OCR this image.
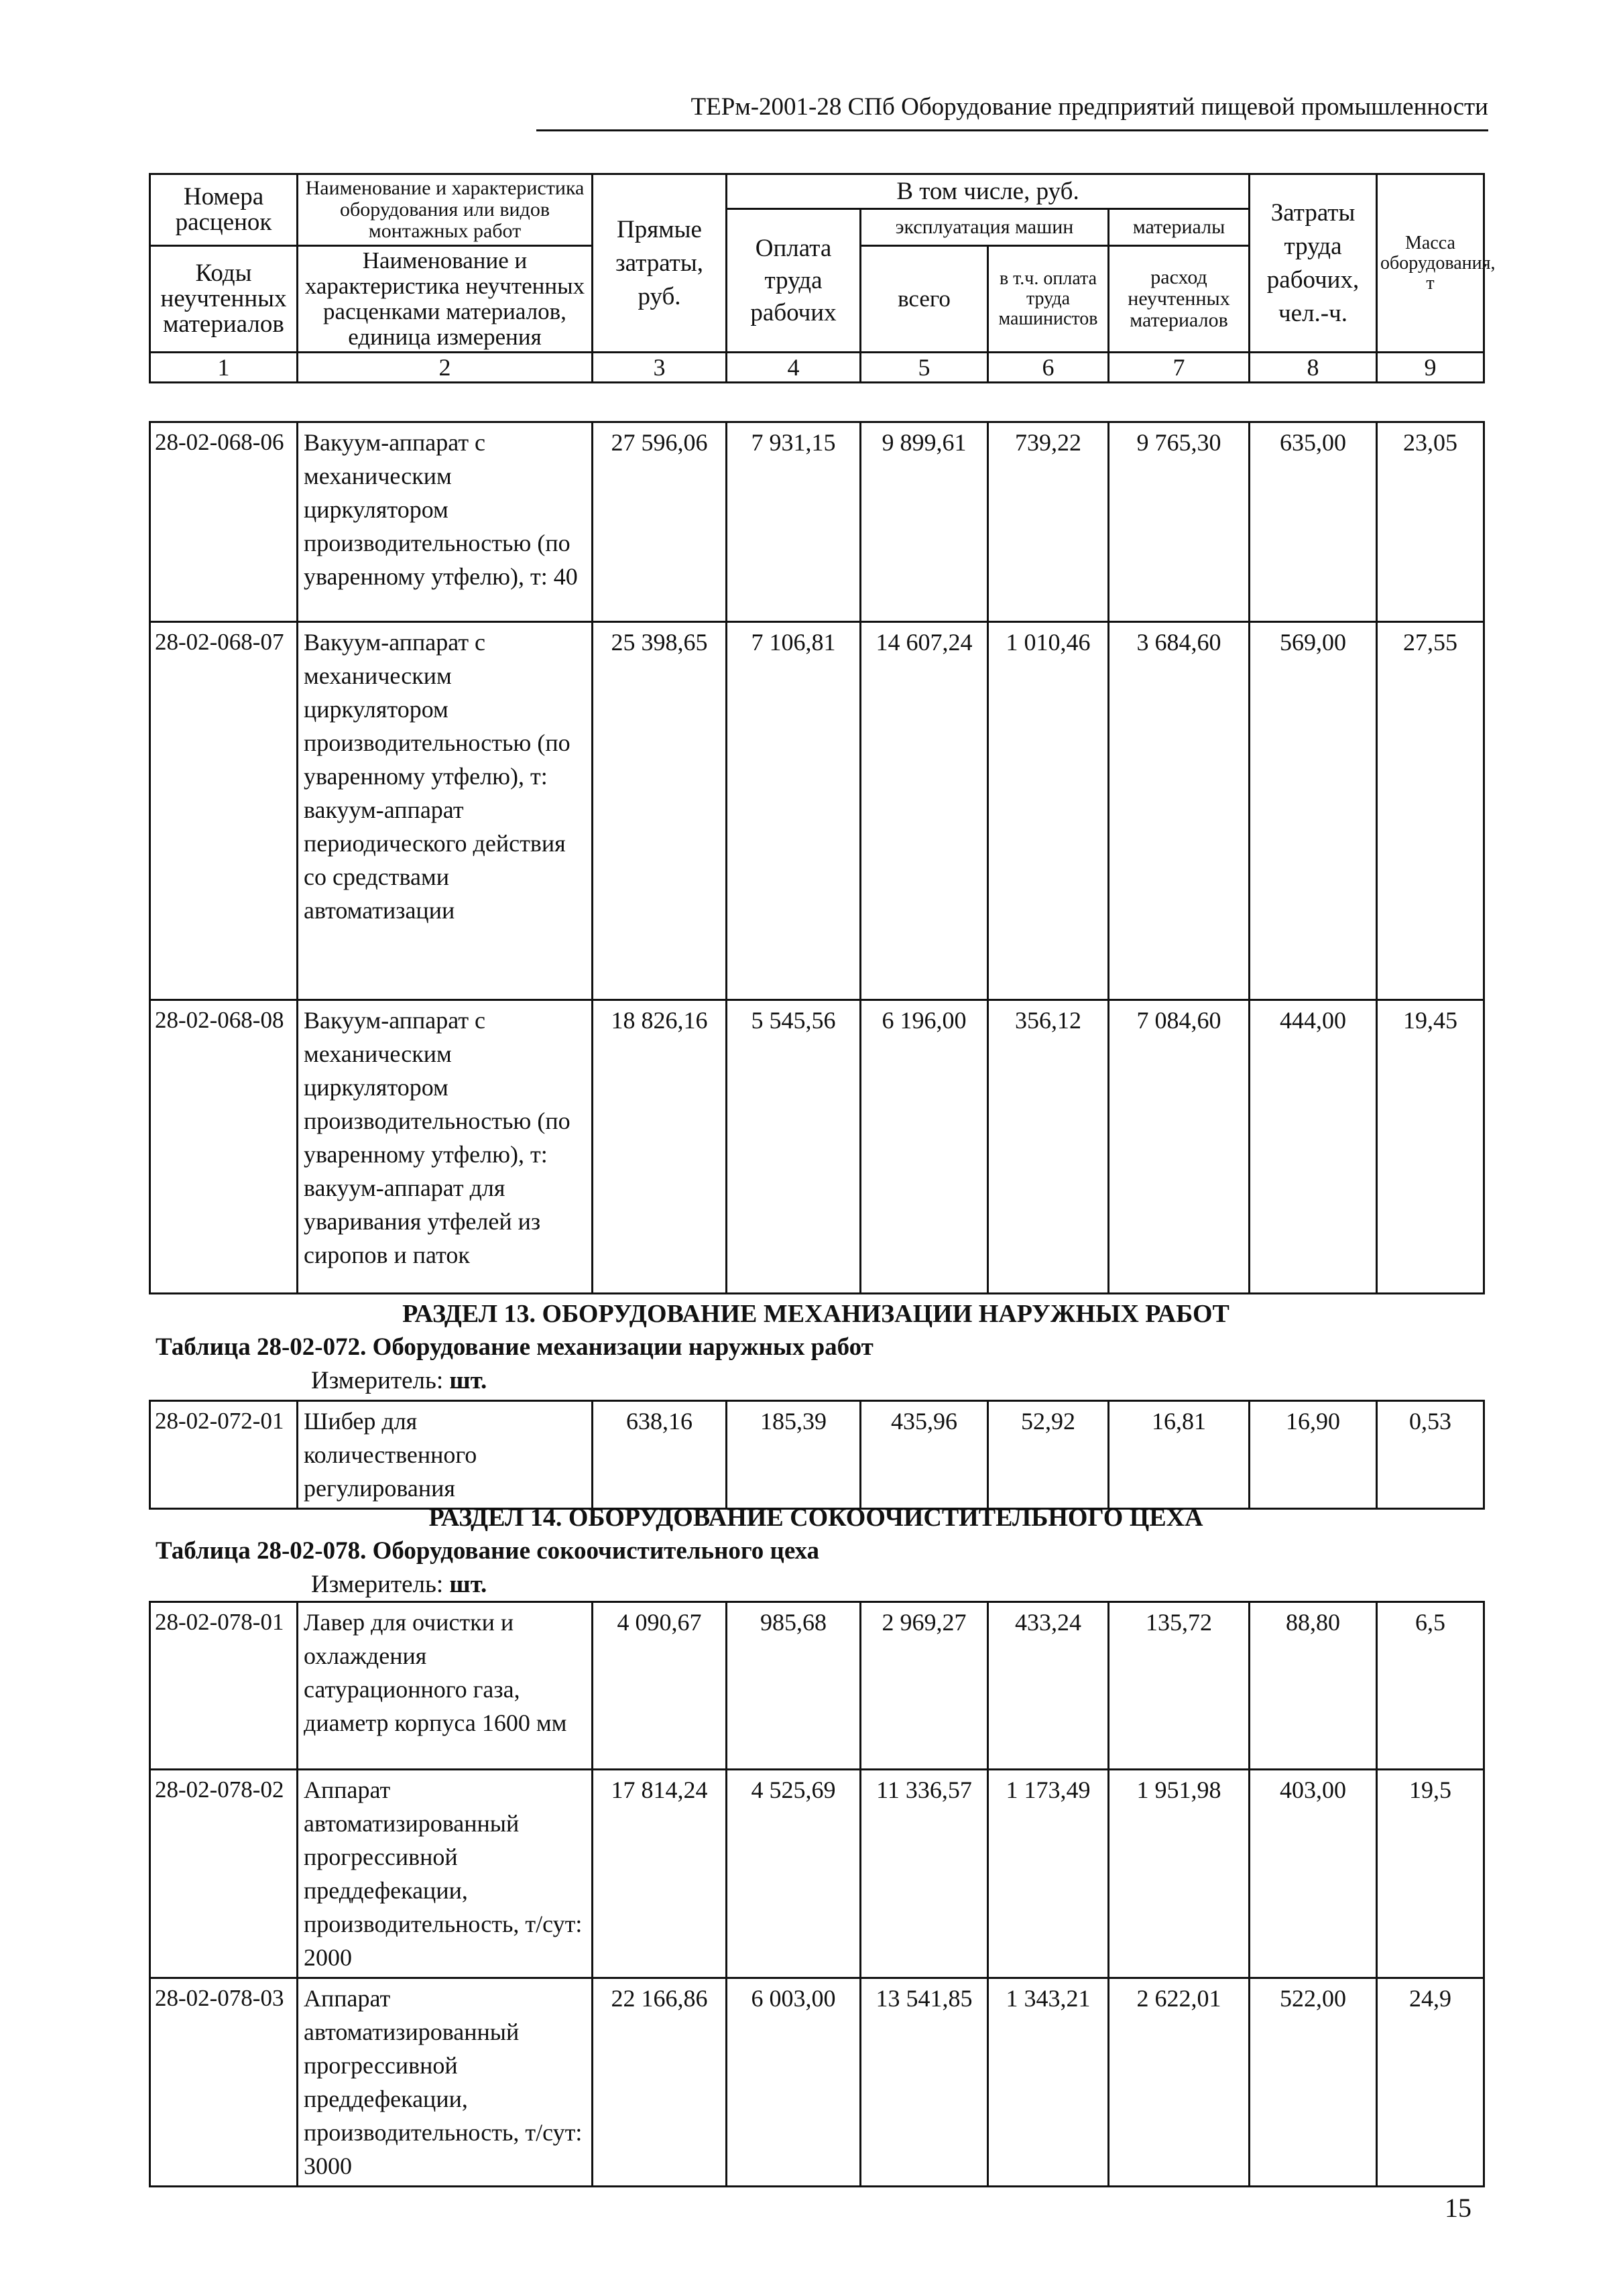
ТЕРм-2001-28 СПб Оборудование предприятий пищевой промышленности
Номера расценок	Наименование и характеристика оборудования или видов монтажных работ	Прямые затраты, руб.	В том числе, руб.				Затраты труда рабочих, чел.-ч.	Масса оборудования, т
			Оплата труда рабочих	эксплуатация машин		материалы		

Коды неучтенных материалов	Наименование и характеристика неучтенных расценками материалов, единица измерения			всего	в т.ч. оплата труда машинистов	расход неучтенных материалов		

1	2	3	4	5	6	7	8	9
28-02-068-06	Вакуум-аппарат с механическим циркулятором производительностью (по уваренному утфелю), т: 40	27 596,06	7 931,15	9 899,61	739,22	9 765,30	635,00	23,05
28-02-068-07	Вакуум-аппарат с механическим циркулятором производительностью (по уваренному утфелю), т: вакуум-аппарат периодического действия со средствами автоматизации	25 398,65	7 106,81	14 607,24	1 010,46	3 684,60	569,00	27,55
28-02-068-08	Вакуум-аппарат с механическим циркулятором производительностью (по уваренному утфелю), т: вакуум-аппарат для уваривания утфелей из сиропов и паток	18 826,16	5 545,56	6 196,00	356,12	7 084,60	444,00	19,45
РАЗДЕЛ 13. ОБОРУДОВАНИЕ МЕХАНИЗАЦИИ НАРУЖНЫХ РАБОТ
Таблица 28-02-072. Оборудование механизации наружных работ
Измеритель: шт.
28-02-072-01	Шибер для количественного регулирования	638,16	185,39	435,96	52,92	16,81	16,90	0,53
РАЗДЕЛ 14. ОБОРУДОВАНИЕ СОКООЧИСТИТЕЛЬНОГО ЦЕХА
Таблица 28-02-078. Оборудование сокоочистительного цеха
Измеритель: шт.
28-02-078-01	Лавер для очистки и охлаждения сатурационного газа, диаметр корпуса 1600 мм	4 090,67	985,68	2 969,27	433,24	135,72	88,80	6,5
28-02-078-02	Аппарат автоматизированный прогрессивной преддефекации, производительность, т/сут: 2000	17 814,24	4 525,69	11 336,57	1 173,49	1 951,98	403,00	19,5
28-02-078-03	Аппарат автоматизированный прогрессивной преддефекации, производительность, т/сут: 3000	22 166,86	6 003,00	13 541,85	1 343,21	2 622,01	522,00	24,9
15
